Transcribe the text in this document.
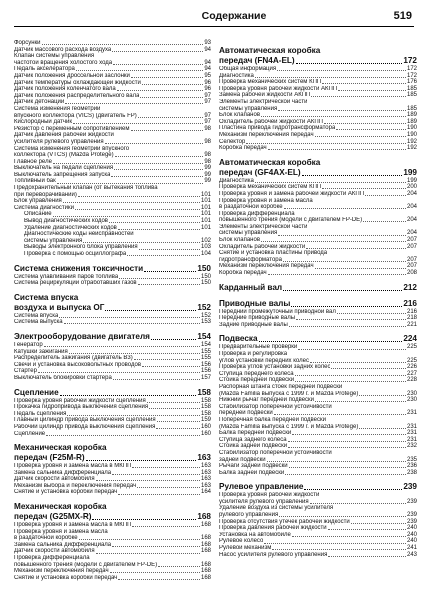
Содержание	519
Форсунки	93
Датчик массового расхода воздуха	94
Клапан системы управления
частотой вращения холостого хода	94
Педаль акселератора	94
Датчик положения дроссельной заслонки	95
Датчик температуры охлаждающей жидкости	96
Датчик положения коленчатого вала	96
Датчик положения распределительного вала	97
Датчик детонации	97
Система изменения геометрии
впускного коллектора (VICS) (двигатель FP)	97
Кислородный датчик	97
Резистор с переменным сопротивлением	98
Датчик давления рабочей жидкости
усилителя рулевого управления	98
Система изменения геометрии впускного
коллектора (VTCS) (Mazda Protege)	98
Главное реле	98
Выключатель на педали сцепления	99
Выключатель запрещения запуска	99
Топливный бак	99
Предохранительный клапан (от вытекания топлива
при переворачивании)	101
Блок управления	101
Система диагностики	101
Описание	101
Вывод диагностических кодов	101
Удаление диагностических кодов	101
Диагностические коды неисправностей
системы управления	102
Выводы электронного блока управления	103
Проверка с помощью осциллографа	104
Система снижения токсичности	150
Система улавливания паров топлива	150
Система рециркуляции отработавших газов	150
Система впуска
воздуха и выпуска ОГ	152
Система впуска	152
Система выпуска	153
Электрооборудование двигателя	154
Генератор	154
Катушки зажигания	155
Распределитель зажигания (двигатель B3)	155
Свечи и установка высоковольтных проводов	156
Стартер	156
Выключатель блокировки стартера	157
Сцепление	158
Проверка уровня рабочей жидкости сцепления	158
Прокачка гидропривода выключения сцепления	158
Педаль сцепления	158
Главный цилиндр привода выключения сцепления	159
Рабочий цилиндр привода выключения сцепления	160
Сцепление	160
Механическая коробка
передач (F25M-R)	163
Проверка уровня и замена масла в МКПП	163
Замена сальника дифференциала	163
Датчик скорости автомобиля	163
Механизм выбора и переключения передач	163
Снятие и установка коробки передач	164
Механическая коробка
передач (G25MX-R)	168
Проверка уровня и замена масла в МКПП	168
Проверка уровня и замена масла
в раздаточной коробке	168
Замена сальника дифференциала	168
Датчик скорости автомобиля	168
Проверка дифференциала
повышенного трения (модели с двигателем FP-DE)	168
Механизм переключения передач	168
Снятие и установка коробки передач	168
Автоматическая коробка
передач (FN4A-EL)	172
Общая информация	172
Диагностика	172
Проверка механических систем КПП	176
Проверка уровня рабочей жидкости АКПП	185
Замена рабочей жидкости АКПП	185
Элементы электрической части
системы управления	185
Блок клапанов	189
Охладитель рабочей жидкости АКПП	189
Пластина привода гидротрансформатора	190
Механизм переключения передач	190
Селектор	192
Коробка передач	192
Автоматическая коробка
передач (GF4AX-EL)	199
Диагностика	199
Проверка механических систем КПП	200
Проверка уровня и замена рабочей жидкости АКПП	204
Проверка уровня и замена масла
в раздаточной коробке	204
Проверка дифференциала
повышенного трения (модели с двигателем FP-DE)	204
Элементы электрической части
системы управления	204
Блок клапанов	207
Охладитель рабочей жидкости	207
Снятие и установка пластины привода
гидротрансформатора	207
Механизм переключения передач	207
Коробка передач	208
Карданный вал	212
Приводные валы	216
Передний промежуточный приводной вал	216
Передние приводные валы	218
Задние приводные валы	221
Подвеска	224
Предварительные проверки	225
Проверка и регулировка
углов установки передних колес	225
Проверка углов установки задних колес	226
Ступица переднего колеса	227
Стойка передней подвески	228
Распорная штанга стоек передней подвески
(Mazda Familia выпуска с 1999 г. и Mazda Protege)	230
Нижний рычаг передней подвески	230
Стабилизатор поперечной устойчивости
передней подвески	231
Поперечная балка передней подвески
(Mazda Familia выпуска с 1999 г. и Mazda Protege)	231
Балка передней подвески	231
Ступица заднего колеса	231
Стойка задней подвески	232
Стабилизатор поперечной устойчивости
задней подвески	235
Рычаги задней подвески	236
Балка задней подвески	238
Рулевое управление	239
Проверка уровня рабочей жидкости
усилителя рулевого управления	239
Удаление воздуха из системы усилителя
рулевого управления	239
Проверка отсутствия утечек рабочей жидкости	239
Проверка давления рабочей жидкости	240
Установка на автомобиле	240
Рулевое колесо	240
Рулевой механизм	241
Насос усилителя рулевого управления	243
